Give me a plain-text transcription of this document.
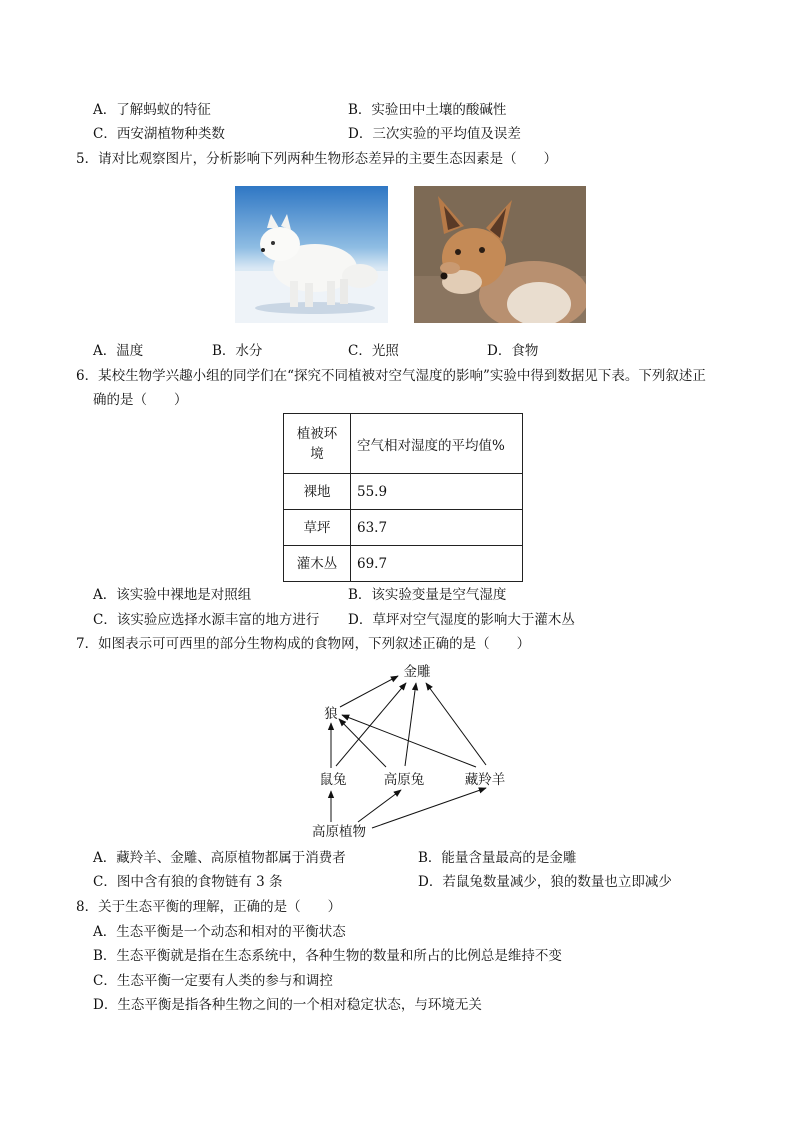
A．了解蚂蚁的特征	B．实验田中土壤的酸碱性
C．西安湖植物种类数	D．三次实验的平均值及误差
5．请对比观察图片，分析影响下列两种生物形态差异的主要生态因素是（　　）
A．温度	B．水分	C．光照	D．食物
6．某校生物学兴趣小组的同学们在“探究不同植被对空气湿度的影响”实验中得到数据见下表。下列叙述正
确的是（　　）
植被环
境	空气相对湿度的平均值%
裸地	55.9
草坪	63.7
灌木丛	69.7
A．该实验中裸地是对照组	B．该实验变量是空气湿度
C．该实验应选择水源丰富的地方进行 D．草坪对空气湿度的影响大于灌木丛
7．如图表示可可西里的部分生物构成的食物网，下列叙述正确的是（　　）
金雕
狼
鼠兔	高原兔	藏羚羊
高原植物
A．藏羚羊、金雕、高原植物都属于消费者	B．能量含量最高的是金雕
C．图中含有狼的食物链有 3 条	D．若鼠兔数量减少，狼的数量也立即减少
8．关于生态平衡的理解，正确的是（　　）
A．生态平衡是一个动态和相对的平衡状态
B．生态平衡就是指在生态系统中，各种生物的数量和所占的比例总是维持不变
C．生态平衡一定要有人类的参与和调控
D．生态平衡是指各种生物之间的一个相对稳定状态，与环境无关
